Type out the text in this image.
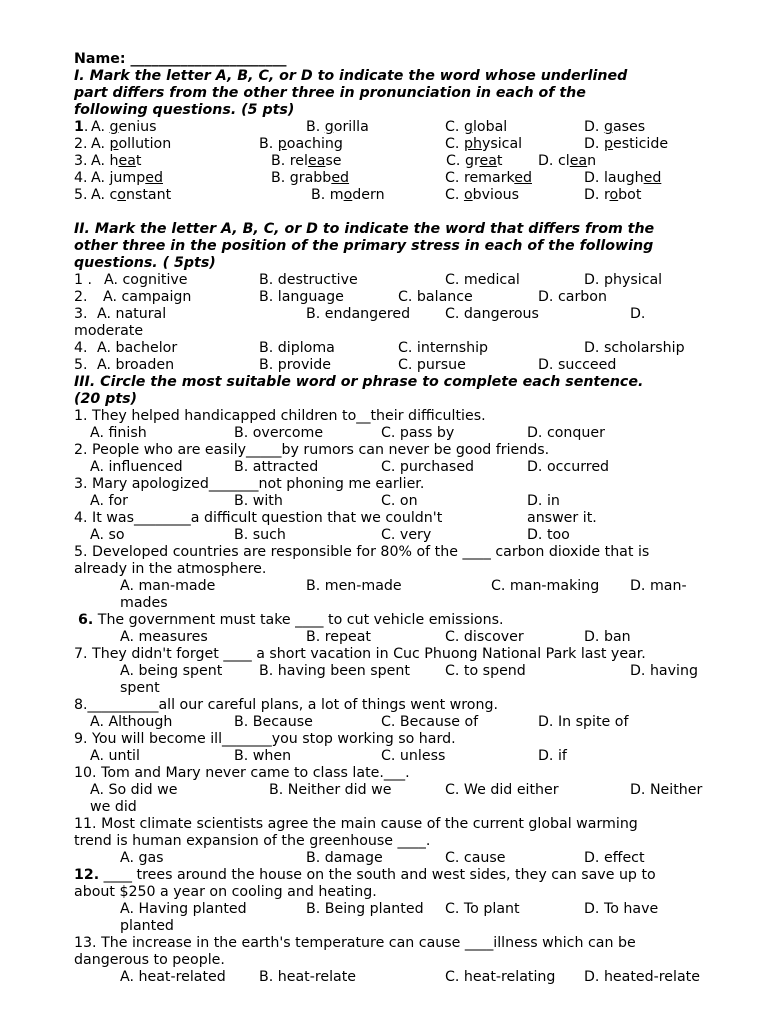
Name: ______________________
I. Mark the letter A, B, C, or D to indicate the word whose underlined
part differs from the other three in pronunciation in each of the
following questions. (5 pts)
1. A. genius	B. gorilla	C. global	D. gases
2. A. pollution	B. poaching	C. physical	D. pesticide
3. A. heat	B. release	C. great	D. clean
4. A. jumped	B. grabbed	C. remarked	D. laughed
5. A. constant	B. modern	C. obvious	D. robot
II. Mark the letter A, B, C, or D to indicate the word that differs from the
other three in the position of the primary stress in each of the following
questions. ( 5pts)
1 . A. cognitive	B. destructive	C. medical	D. physical
2. A. campaign	B. language	C. balance	D. carbon
3. A. natural	B. endangered C. dangerous	D.
moderate
4. A. bachelor	B. diploma	C. internship	D. scholarship
5. A. broaden	B. provide	C. pursue	D. succeed
III. Circle the most suitable word or phrase to complete each sentence.
(20 pts)
1. They helped handicapped children to__their difficulties.
A. finish	B. overcome	C. pass by	D. conquer
2. People who are easily_____by rumors can never be good friends.
A. influenced	B. attracted	C. purchased	D. occurred
3. Mary apologized_______not phoning me earlier.
A. for	B. with	C. on	D. in
4. It was________a difficult question that we couldn't	answer it.
A. so	B. such	C. very	D. too
5. Developed countries are responsible for 80% of the ____ carbon dioxide that is
already in the atmosphere.
A. man-made	B. men-made	C. man-making D. man-
mades
6. The government must take ____ to cut vehicle emissions.
A. measures	B. repeat	C. discover	D. ban
7. They didn't forget ____ a short vacation in Cuc Phuong National Park last year.
A. being spent	B. having been spent C. to spend	D. having
spent
8.__________all our careful plans, a lot of things went wrong.
A. Although	B. Because	C. Because of	D. In spite of
9. You will become ill_______you stop working so hard.
A. until	B. when	C. unless	D. if
10. Tom and Mary never came to class late.___.
A. So did we	B. Neither did we	C. We did either	D. Neither
we did
11. Most climate scientists agree the main cause of the current global warming
trend is human expansion of the greenhouse ____.
A. gas	B. damage	C. cause	D. effect
12. ____ trees around the house on the south and west sides, they can save up to
about $250 a year on cooling and heating.
A. Having planted	B. Being planted C. To plant	D. To have
planted
13. The increase in the earth's temperature can cause ____illness which can be
dangerous to people.
A. heat-related B. heat-relate	C. heat-relating D. heated-relate
